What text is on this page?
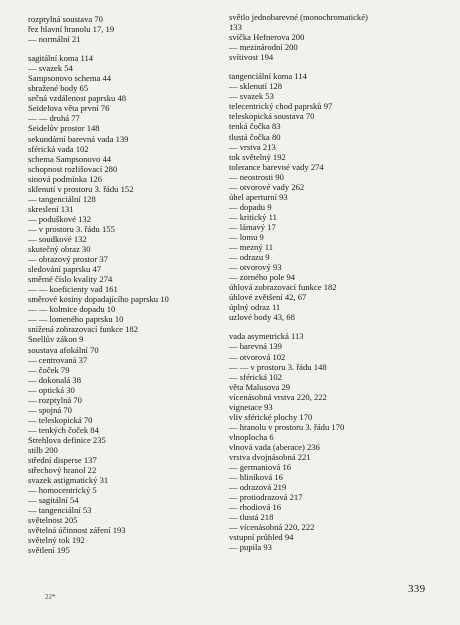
rozptylná soustava 70
řez hlavní hranolu 17, 19
— normální 21
sagitální koma 114
— svazek 54
Sampsonovo schema 44
sbražené body 65
sečná vzdálenost paprsku 48
Seidelova věta první 76
— — druhá 77
Seidelův prostor 148
sekundární barevná vada 139
sférická vada 102
schema Sampsonovo 44
schopnost rozlišovací 280
sinová podmínka 126
sklenutí v prostoru 3. řádu 152
— tangenciální 128
skreslení 131
— poduškové 132
— v prostoru 3. řádu 155
— soudkové 132
skutečný obraz 30
— obrazový prostor 37
sledování paprsku 47
směrné číslo kvality 274
— — koeficienty vad 161
směrové kosiny dopadajícího paprsku 10
— — kolmice dopadu 10
— — lomeného paprsku 10
snížená zobrazovací funkce 182
Snellův zákon 9
soustava afokální 70
— centrovaná 37
— čoček 79
— dokonalá 38
— optická 30
— rozptylná 70
— spojná 70
— teleskopická 70
— tenkých čoček 84
Strehlova definice 235
stilb 200
střední disperse 137
střechový hranol 22
svazek astigmatický 31
— homocentrický 5
— sagitální 54
— tangenciální 53
světelnost 205
světelná účinnost záření 193
světelný tok 192
světlení 195
světlo jednobarevné (monochromatické)
133
svíčka Hefnerova 200
— mezinárodní 200
svítivost 194
tangenciální koma 114
— sklenutí 128
— svazek 53
telecentrický chod paprsků 97
teleskopická soustava 70
tenká čočka 83
tlustá čočka 80
— vrstva 213
tok světelný 192
tolerance barevné vady 274
— neostrosti 90
— otvorové vady 262
úhel aperturní 93
— dopadu 9
— kritický 11
— lámavý 17
— lomu 9
— mezný 11
— odrazu 9
— otvorový 93
— zorného pole 94
úhlová zobrazovací funkce 182
úhlové zvětšení 42, 67
úplný odraz 11
uzlové body 43, 68
vada asymetrická 113
— barevná 139
— otvorová 102
— — v prostoru 3. řádu 148
— sférická 102
věta Malusova 29
vícenásobná vrstva 220, 222
vignetace 93
vliv sférické plochy 170
— hranolu v prostoru 3. řádu 170
vlnoplocha 6
vlnová vada (aberace) 236
vrstva dvojnásobná 221
— germaniová 16
— hliníková 16
— odrazová 219
— protiodrazová 217
— rhodiová 16
— tlustá 218
— vícenásobná 220, 222
vstupní průhled 94
— pupila 93
339
22*
